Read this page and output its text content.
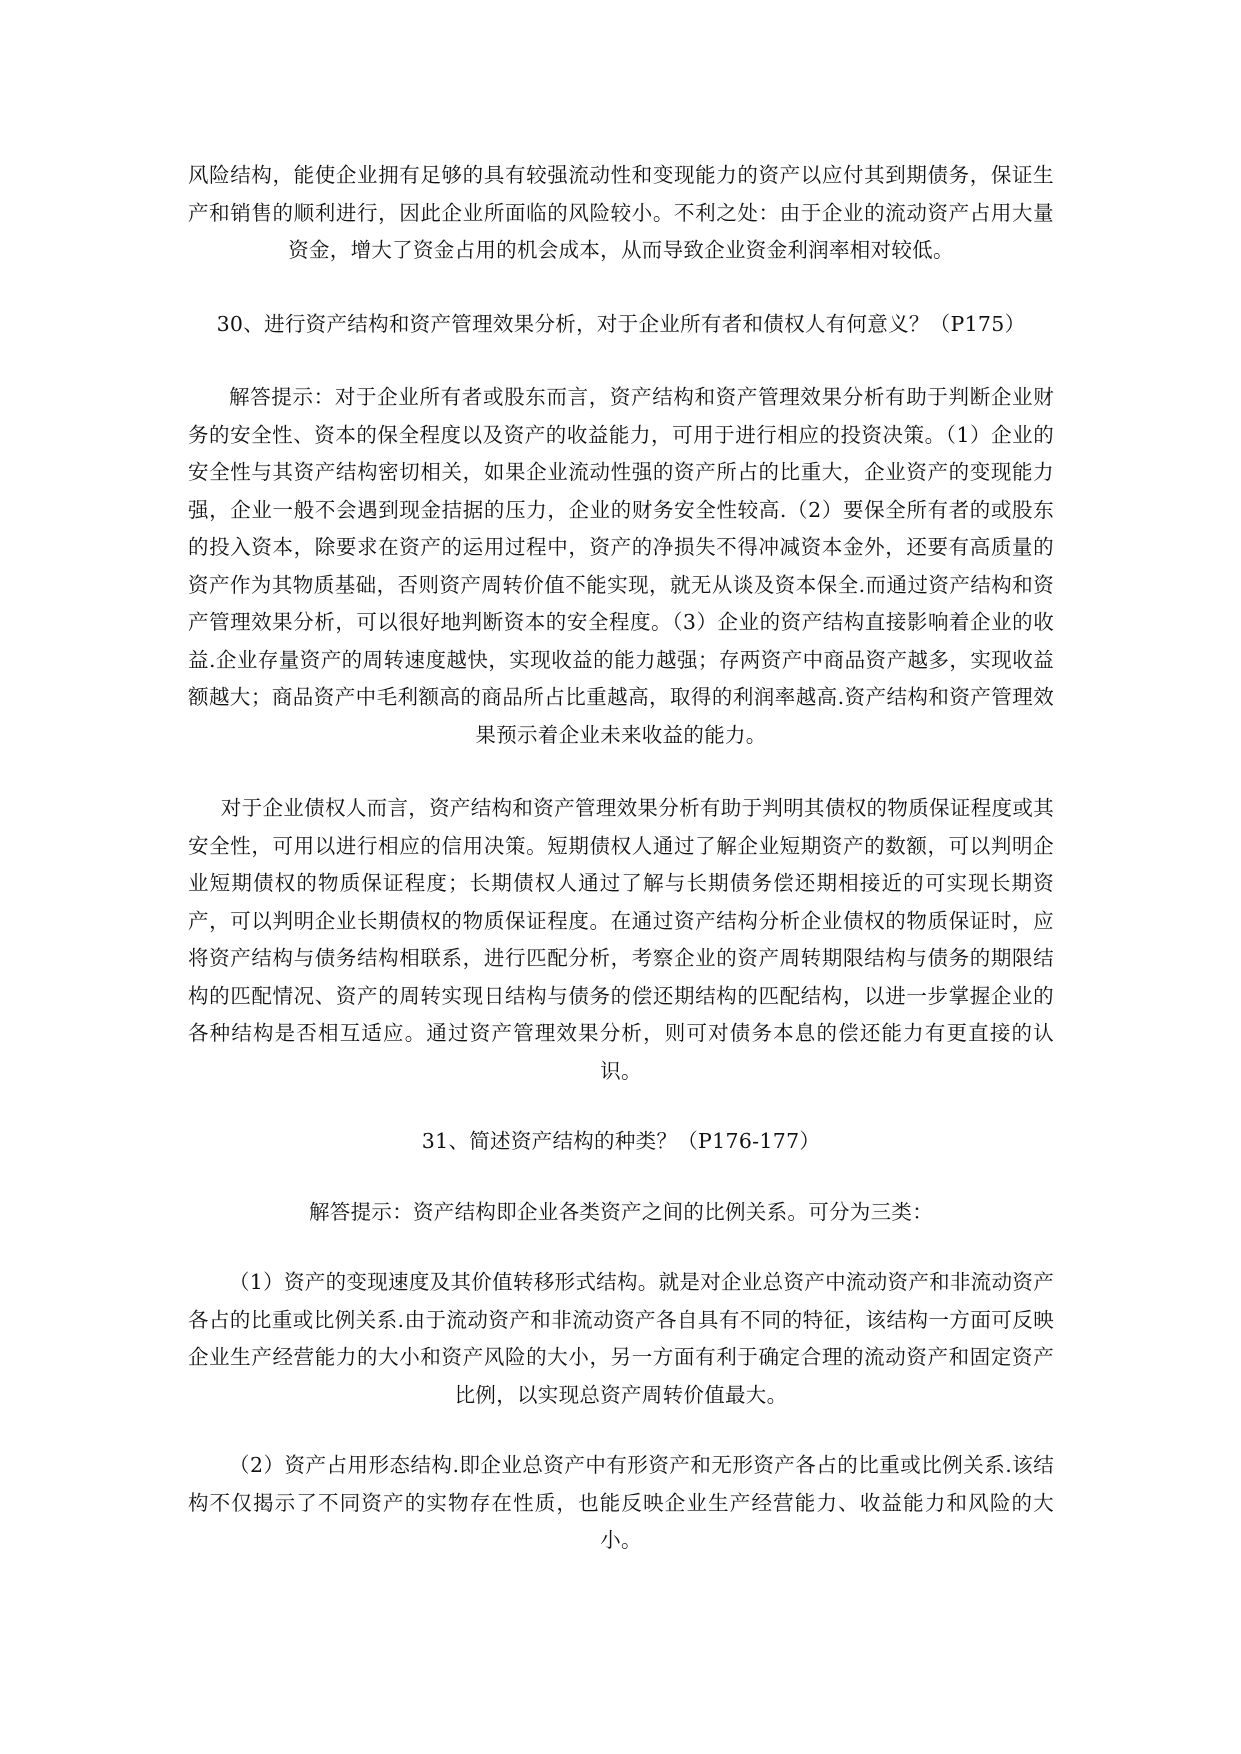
风险结构，能使企业拥有足够的具有较强流动性和变现能力的资产以应付其到期债务，保证生产和销售的顺利进行，因此企业所面临的风险较小。不利之处：由于企业的流动资产占用大量资金，增大了资金占用的机会成本，从而导致企业资金利润率相对较低。

30、进行资产结构和资产管理效果分析，对于企业所有者和债权人有何意义？（P175）

解答提示：对于企业所有者或股东而言，资产结构和资产管理效果分析有助于判断企业财务的安全性、资本的保全程度以及资产的收益能力，可用于进行相应的投资决策。（1）企业的安全性与其资产结构密切相关，如果企业流动性强的资产所占的比重大，企业资产的变现能力强，企业一般不会遇到现金拮据的压力，企业的财务安全性较高.（2）要保全所有者的或股东的投入资本，除要求在资产的运用过程中，资产的净损失不得冲减资本金外，还要有高质量的资产作为其物质基础，否则资产周转价值不能实现，就无从谈及资本保全.而通过资产结构和资产管理效果分析，可以很好地判断资本的安全程度。（3）企业的资产结构直接影响着企业的收益.企业存量资产的周转速度越快，实现收益的能力越强；存两资产中商品资产越多，实现收益额越大；商品资产中毛利额高的商品所占比重越高，取得的利润率越高.资产结构和资产管理效果预示着企业未来收益的能力。

对于企业债权人而言，资产结构和资产管理效果分析有助于判明其债权的物质保证程度或其安全性，可用以进行相应的信用决策。短期债权人通过了解企业短期资产的数额，可以判明企业短期债权的物质保证程度；长期债权人通过了解与长期债务偿还期相接近的可实现长期资产，可以判明企业长期债权的物质保证程度。在通过资产结构分析企业债权的物质保证时，应将资产结构与债务结构相联系，进行匹配分析，考察企业的资产周转期限结构与债务的期限结构的匹配情况、资产的周转实现日结构与债务的偿还期结构的匹配结构，以进一步掌握企业的各种结构是否相互适应。通过资产管理效果分析，则可对债务本息的偿还能力有更直接的认识。

31、简述资产结构的种类？（P176-177）

解答提示：资产结构即企业各类资产之间的比例关系。可分为三类：

（1）资产的变现速度及其价值转移形式结构。就是对企业总资产中流动资产和非流动资产各占的比重或比例关系.由于流动资产和非流动资产各自具有不同的特征，该结构一方面可反映企业生产经营能力的大小和资产风险的大小，另一方面有利于确定合理的流动资产和固定资产比例，以实现总资产周转价值最大。

（2）资产占用形态结构.即企业总资产中有形资产和无形资产各占的比重或比例关系.该结构不仅揭示了不同资产的实物存在性质，也能反映企业生产经营能力、收益能力和风险的大小。
